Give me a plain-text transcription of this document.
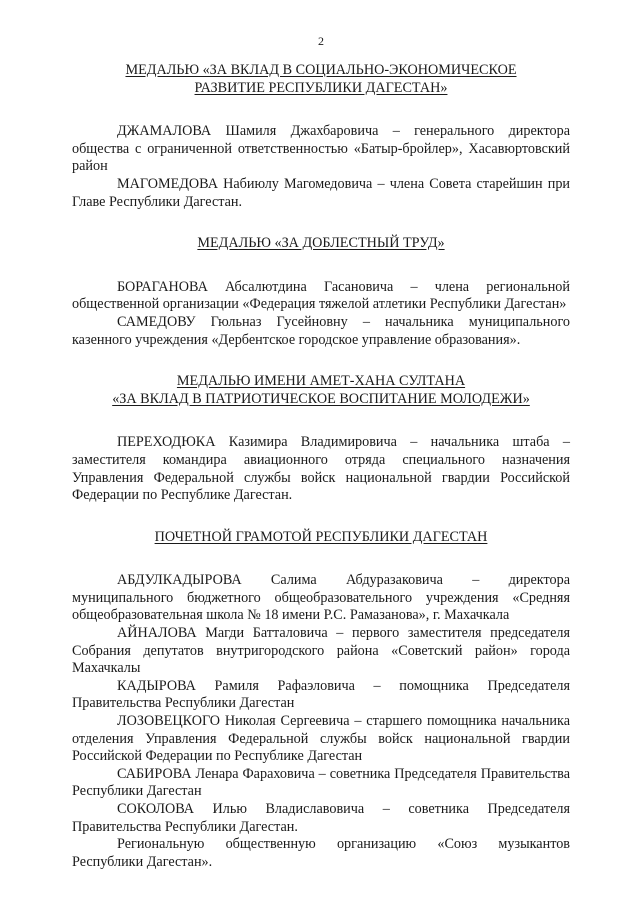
2
МЕДАЛЬЮ «ЗА ВКЛАД В СОЦИАЛЬНО-ЭКОНОМИЧЕСКОЕ
РАЗВИТИЕ РЕСПУБЛИКИ ДАГЕСТАН»

ДЖАМАЛОВА Шамиля Джахбаровича – генерального директора общества с ограниченной ответственностью «Батыр-бройлер», Хасавюртовский район

МАГОМЕДОВА Набиюлу Магомедовича – члена Совета старейшин при Главе Республики Дагестан.

МЕДАЛЬЮ «ЗА ДОБЛЕСТНЫЙ ТРУД»

БОРАГАНОВА Абсалютдина Гасановича – члена региональной общественной организации «Федерация тяжелой атлетики Республики Дагестан»

САМЕДОВУ Гюльназ Гусейновну – начальника муниципального казенного учреждения «Дербентское городское управление образования».

МЕДАЛЬЮ ИМЕНИ АМЕТ-ХАНА СУЛТАНА
«ЗА ВКЛАД В ПАТРИОТИЧЕСКОЕ ВОСПИТАНИЕ МОЛОДЕЖИ»

ПЕРЕХОДЮКА Казимира Владимировича – начальника штаба – заместителя командира авиационного отряда специального назначения Управления Федеральной службы войск национальной гвардии Российской Федерации по Республике Дагестан.

ПОЧЕТНОЙ ГРАМОТОЙ РЕСПУБЛИКИ ДАГЕСТАН

АБДУЛКАДЫРОВА Салима Абдуразаковича – директора муниципального бюджетного общеобразовательного учреждения «Средняя общеобразовательная школа № 18 имени Р.С. Рамазанова», г. Махачкала

АЙНАЛОВА Магди Батталовича – первого заместителя председателя Собрания депутатов внутригородского района «Советский район» города Махачкалы

КАДЫРОВА Рамиля Рафаэловича – помощника Председателя Правительства Республики Дагестан

ЛОЗОВЕЦКОГО Николая Сергеевича – старшего помощника начальника отделения Управления Федеральной службы войск национальной гвардии Российской Федерации по Республике Дагестан

САБИРОВА Ленара Фараховича – советника Председателя Правительства Республики Дагестан

СОКОЛОВА Илью Владиславовича – советника Председателя Правительства Республики Дагестан.

Региональную общественную организацию «Союз музыкантов Республики Дагестан».
